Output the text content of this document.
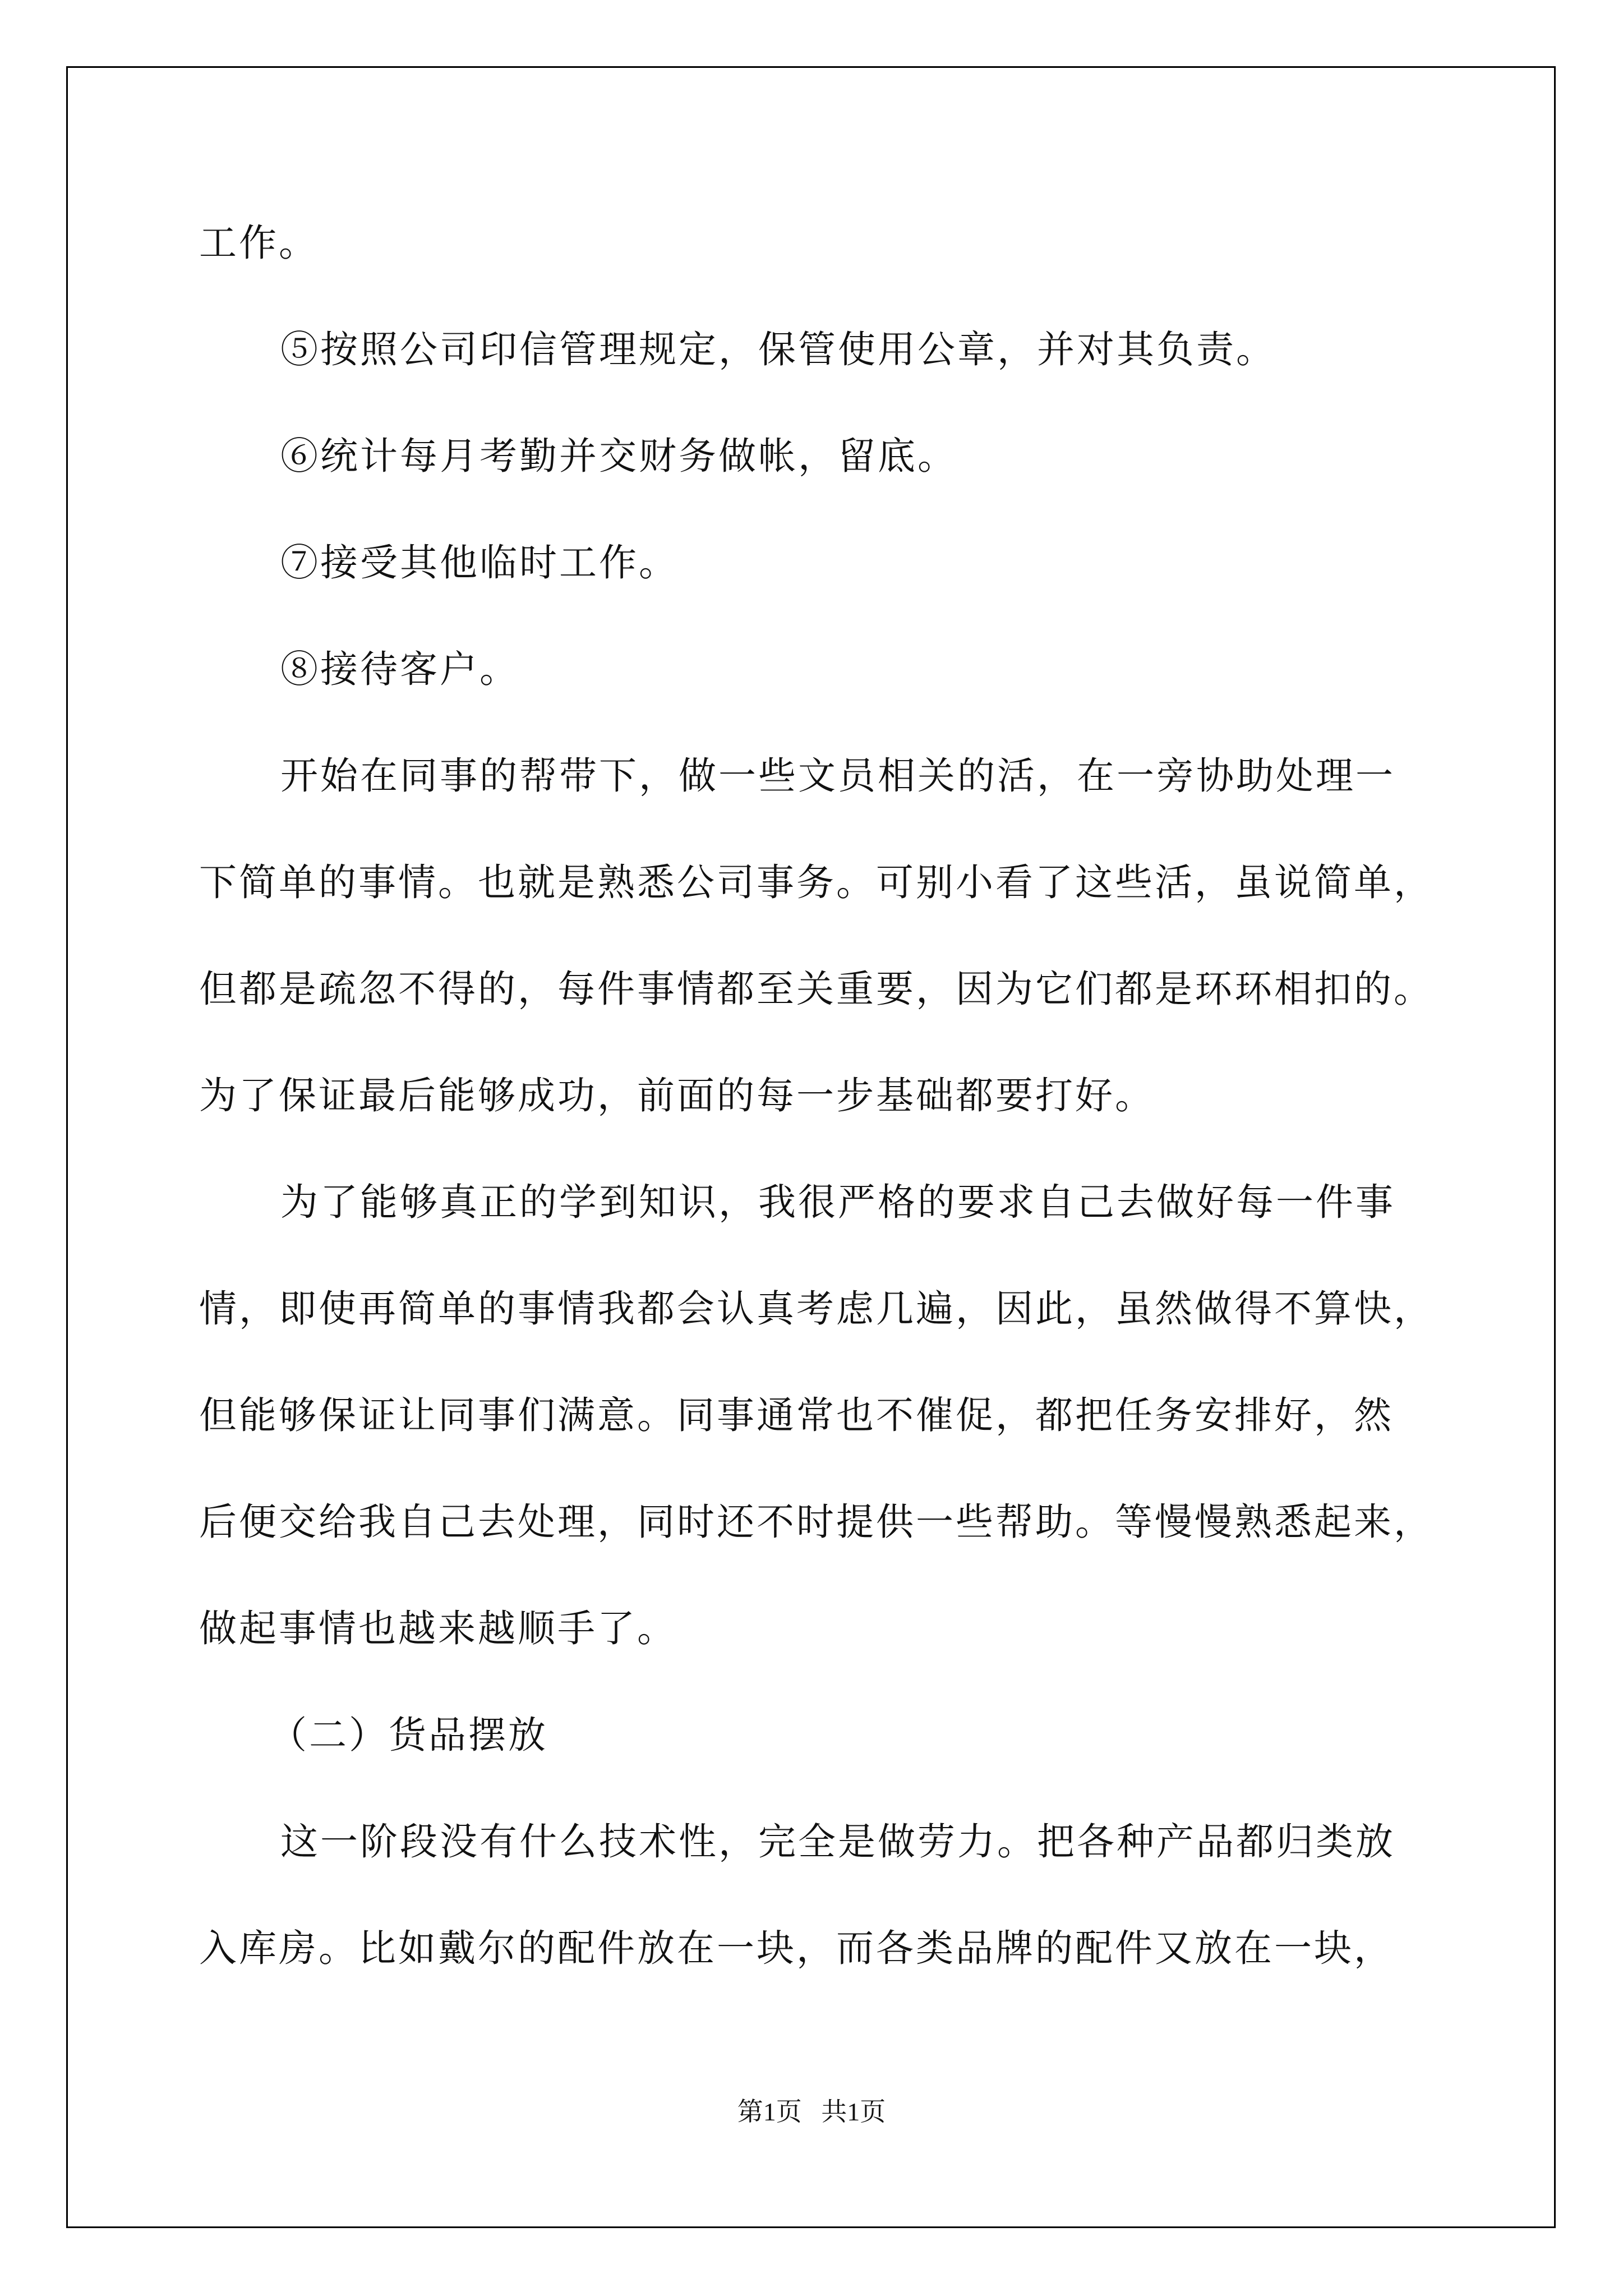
工作。
⑤按照公司印信管理规定，保管使用公章，并对其负责。
⑥统计每月考勤并交财务做帐，留底。
⑦接受其他临时工作。
⑧接待客户。
开始在同事的帮带下，做一些文员相关的活，在一旁协助处理一
下简单的事情。也就是熟悉公司事务。可别小看了这些活，虽说简单，
但都是疏忽不得的，每件事情都至关重要，因为它们都是环环相扣的。
为了保证最后能够成功，前面的每一步基础都要打好。
为了能够真正的学到知识，我很严格的要求自己去做好每一件事
情，即使再简单的事情我都会认真考虑几遍，因此，虽然做得不算快，
但能够保证让同事们满意。同事通常也不催促，都把任务安排好，然
后便交给我自己去处理，同时还不时提供一些帮助。等慢慢熟悉起来，
做起事情也越来越顺手了。
（二）货品摆放
这一阶段没有什么技术性，完全是做劳力。把各种产品都归类放
入库房。比如戴尔的配件放在一块，而各类品牌的配件又放在一块，
第1页 共1页
